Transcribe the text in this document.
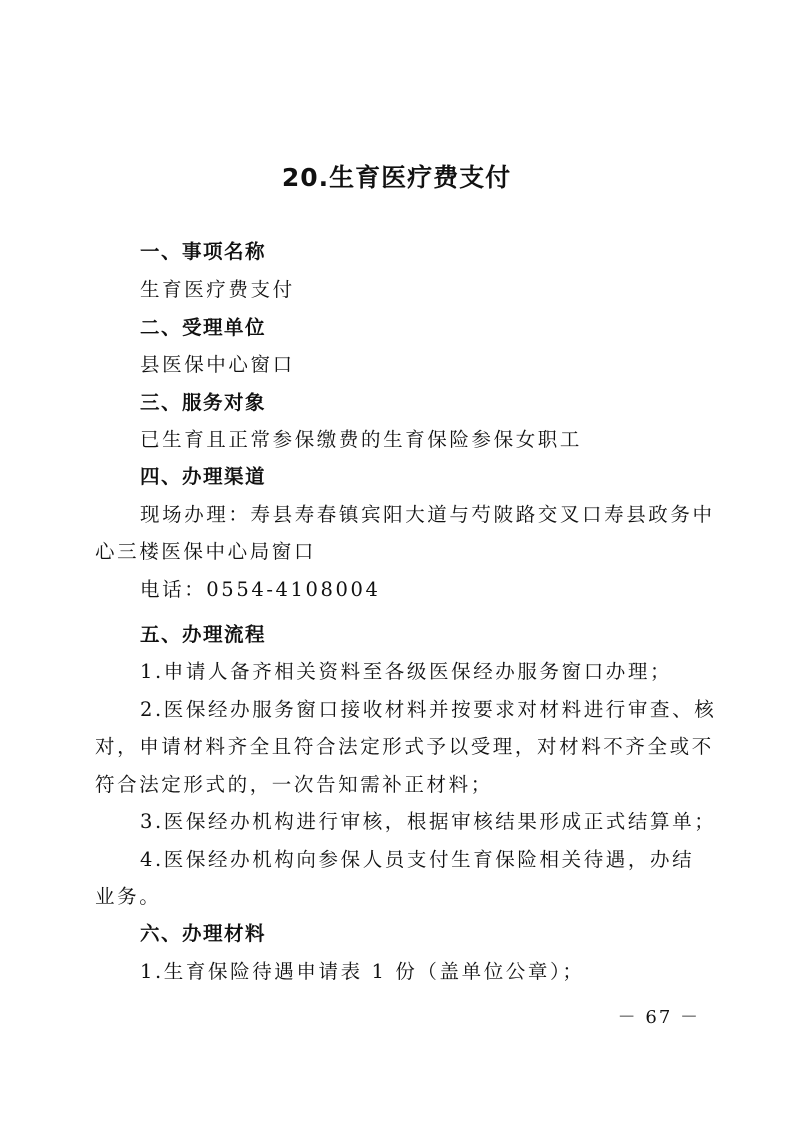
20.生育医疗费支付
一、事项名称
生育医疗费支付
二、受理单位
县医保中心窗口
三、服务对象
已生育且正常参保缴费的生育保险参保女职工
四、办理渠道
现场办理：寿县寿春镇宾阳大道与芍陂路交叉口寿县政务中
心三楼医保中心局窗口
电话：0554-4108004
五、办理流程
1.申请人备齐相关资料至各级医保经办服务窗口办理；
2.医保经办服务窗口接收材料并按要求对材料进行审查、核
对，申请材料齐全且符合法定形式予以受理，对材料不齐全或不
符合法定形式的，一次告知需补正材料；
3.医保经办机构进行审核，根据审核结果形成正式结算单；
4.医保经办机构向参保人员支付生育保险相关待遇，办结
业务。
六、办理材料
1.生育保险待遇申请表 1 份（盖单位公章）；
－ 67 －
